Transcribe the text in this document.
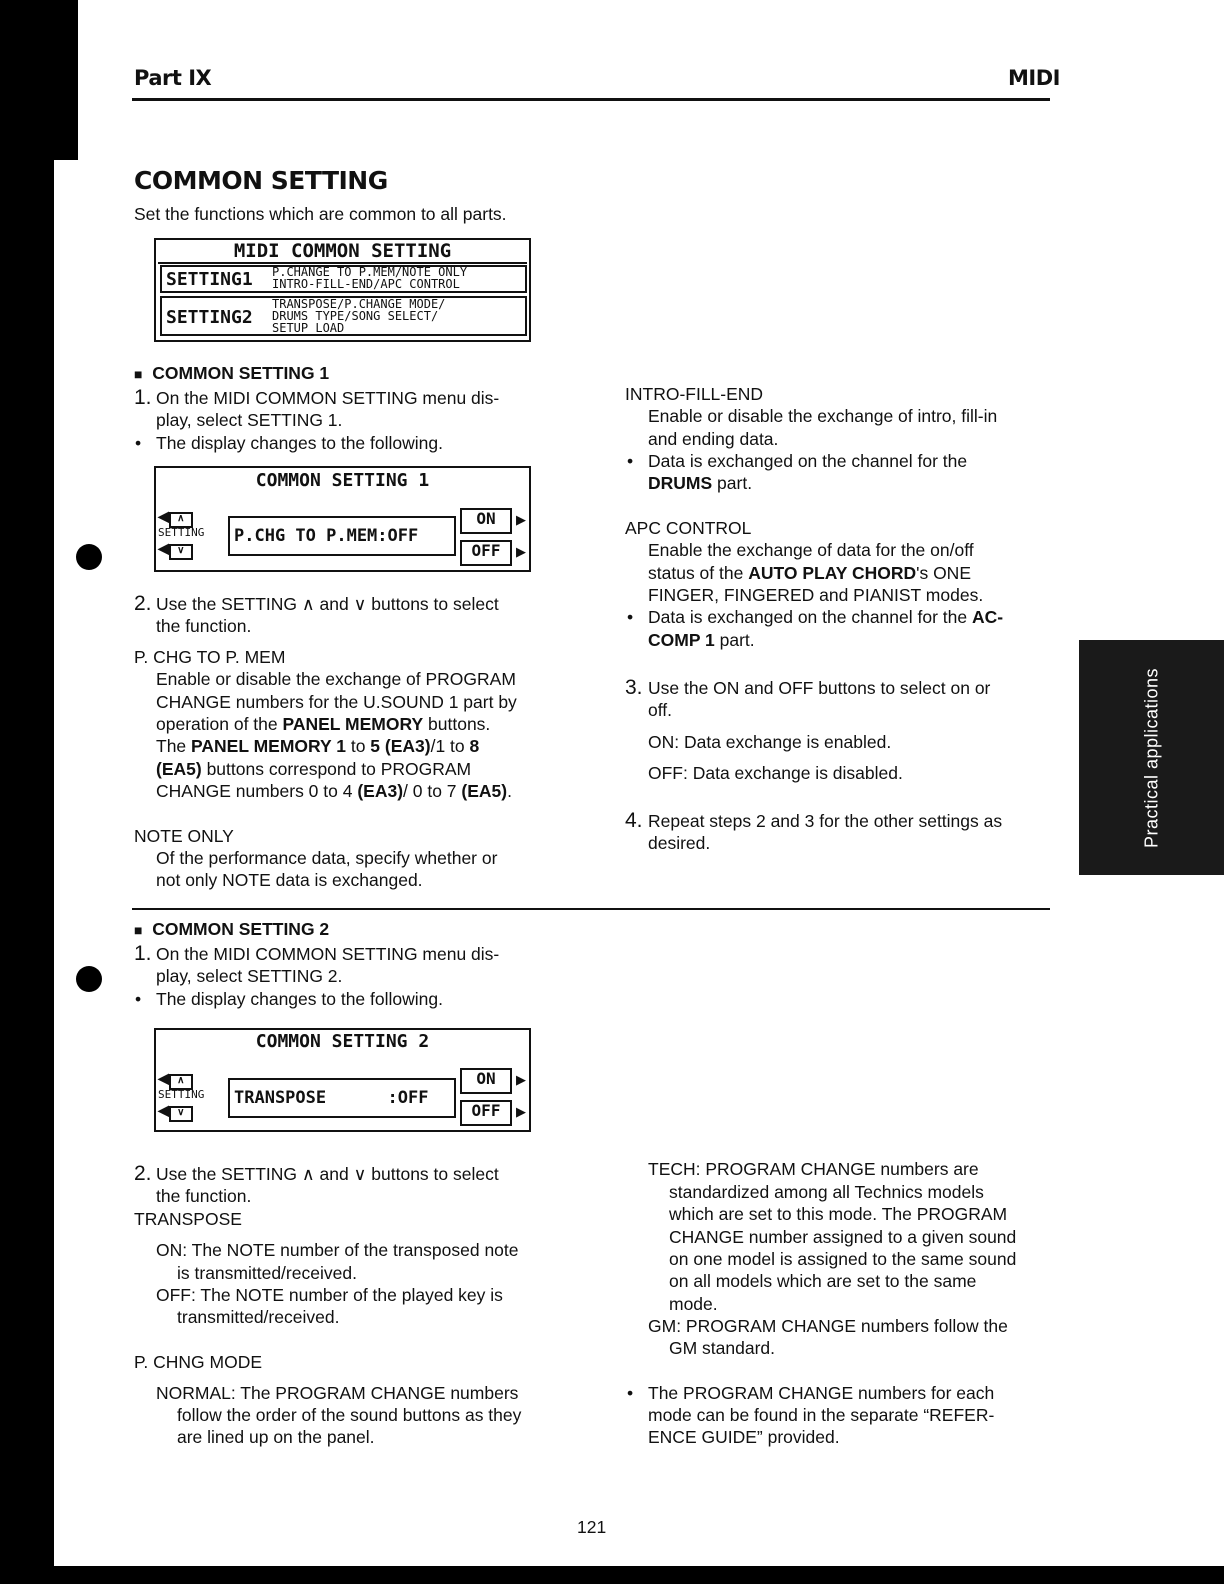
Part IX	MIDI
COMMON SETTING
Set the functions which are common to all parts.
MIDI COMMON SETTING
SETTING1 P.CHANGE TO P.MEM/NOTE ONLY
INTRO-FILL-END/APC CONTROL
SETTING2
TRANSPOSE/P.CHANGE MODE/
DRUMS TYPE/SONG SELECT/
SETUP LOAD
■ COMMON SETTING 1
1. On the MIDI COMMON SETTING menu dis-
play, select SETTING 1.
• The display changes to the following.
COMMON SETTING 1
◀ ∧
SETTING
◀ ∨
P.CHG TO P.MEM:OFF
ON
OFF
▶
▶
2. Use the SETTING ∧ and ∨ buttons to select
the function.
P. CHG TO P. MEM
Enable or disable the exchange of PROGRAM
CHANGE numbers for the U.SOUND 1 part by
operation of the PANEL MEMORY buttons.
The PANEL MEMORY 1 to 5 (EA3)/1 to 8
(EA5) buttons correspond to PROGRAM
CHANGE numbers 0 to 4 (EA3)/ 0 to 7 (EA5).
NOTE ONLY
Of the performance data, specify whether or
not only NOTE data is exchanged.
INTRO-FILL-END
Enable or disable the exchange of intro, fill-in
and ending data.
• Data is exchanged on the channel for the
DRUMS part.
APC CONTROL
Enable the exchange of data for the on/off
status of the AUTO PLAY CHORD's ONE
FINGER, FINGERED and PIANIST modes.
• Data is exchanged on the channel for the AC-
COMP 1 part.
3. Use the ON and OFF buttons to select on or
off.
ON: Data exchange is enabled.
OFF: Data exchange is disabled.
4. Repeat steps 2 and 3 for the other settings as
desired.
■ COMMON SETTING 2
1. On the MIDI COMMON SETTING menu dis-
play, select SETTING 2.
• The display changes to the following.
COMMON SETTING 2
◀ ∧
SETTING
◀ ∨
TRANSPOSE      :OFF
ON
OFF
▶
▶
2. Use the SETTING ∧ and ∨ buttons to select
the function.
TRANSPOSE
ON: The NOTE number of the transposed note
is transmitted/received.
OFF: The NOTE number of the played key is
transmitted/received.
P. CHNG MODE
NORMAL: The PROGRAM CHANGE numbers
follow the order of the sound buttons as they
are lined up on the panel.
TECH: PROGRAM CHANGE numbers are
standardized among all Technics models
which are set to this mode. The PROGRAM
CHANGE number assigned to a given sound
on one model is assigned to the same sound
on all models which are set to the same
mode.
GM: PROGRAM CHANGE numbers follow the
GM standard.
• The PROGRAM CHANGE numbers for each
mode can be found in the separate “REFER-
ENCE GUIDE” provided.
Practical applications
121
